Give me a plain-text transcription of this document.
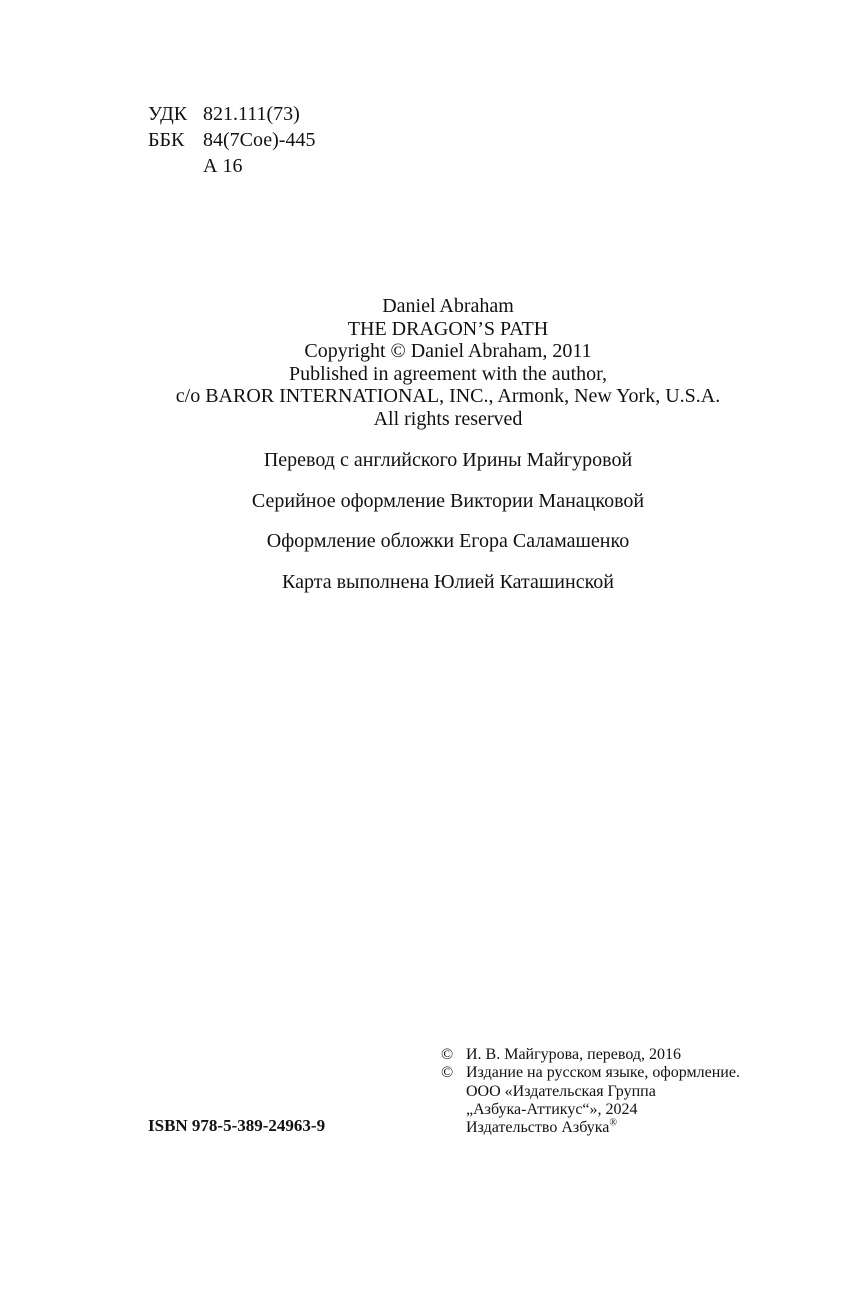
УДК 821.111(73)
ББК 84(7Сое)-445
А 16
Daniel Abraham
THE DRAGON’S PATH
Copyright © Daniel Abraham, 2011
Published in agreement with the author,
c/o BAROR INTERNATIONAL, INC., Armonk, New York, U.S.A.
All rights reserved
Перевод с английского Ирины Майгуровой
Серийное оформление Виктории Манацковой
Оформление обложки Егора Саламашенко
Карта выполнена Юлией Каташинской
ISBN 978-5-389-24963-9
© И. В. Майгурова, перевод, 2016
© Издание на русском языке, оформление.
ООО «Издательская Группа
„Азбука-Аттикус“», 2024
Издательство Азбука®
